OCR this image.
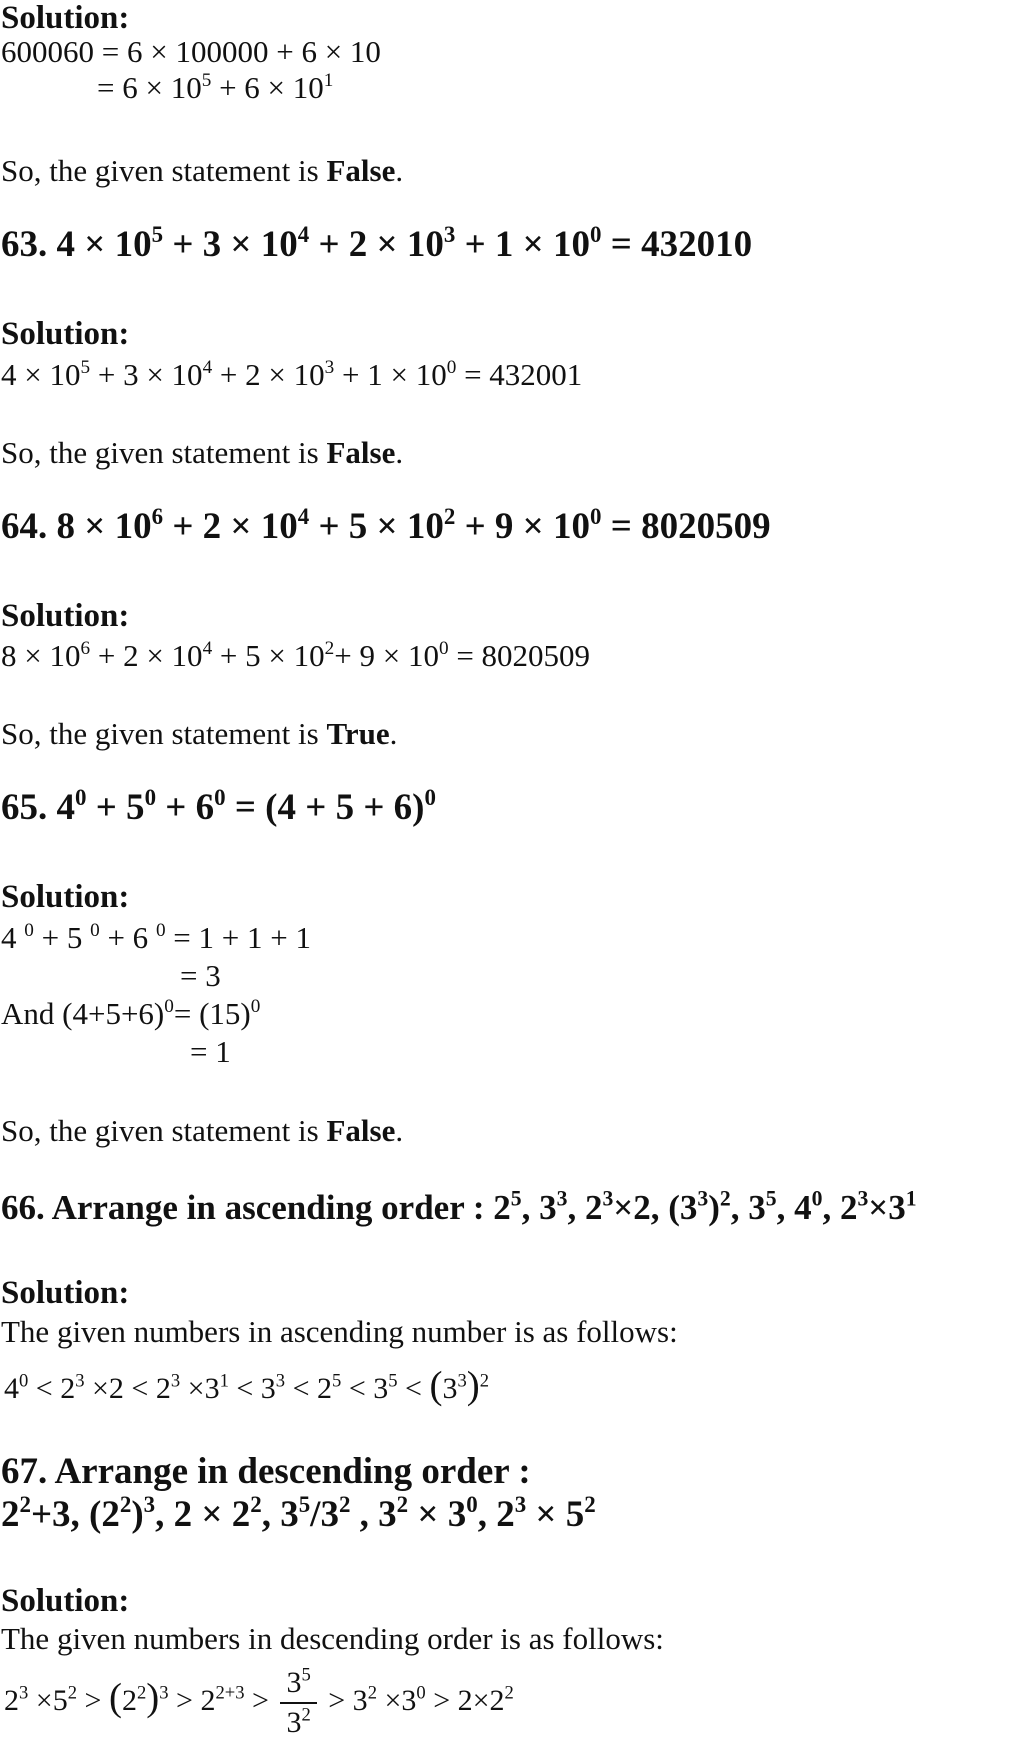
Solution:
600060 = 6 × 100000 + 6 × 10
= $6 \times 10^5 + 6 \times 10^1$
So, the given statement is False.
63. $4 \times 10^5 + 3 \times 10^4 + 2 \times 10^3 + 1 \times 10^0 = 432010$
Solution:
$4 \times 10^5 + 3 \times 10^4 + 2 \times 10^3 + 1 \times 10^0 = 432001$
So, the given statement is False.
64. $8 \times 10^6 + 2 \times 10^4 + 5 \times 10^2 + 9 \times 10^0 = 8020509$
Solution:
$8 \times 10^6 + 2 \times 10^4 + 5 \times 10^2+ 9 \times 10^0 = 8020509$
So, the given statement is True.
65. $4^0 + 5^0 + 6^0 = (4 + 5 + 6)^0$
Solution:
4 $^0$ + 5 $^0$ + 6 $^0$ = 1 + 1 + 1
= 3
And $(4+5+6)^0= (15)^0$
= 1
So, the given statement is False.
66. Arrange in ascending order : $2^5$, $3^3$, $2^3\times 2$, $(3^3)^2$, $3^5$, $4^0$, $2^3\times 3^1$
Solution:
The given numbers in ascending number is as follows:
$4^0 < 2^3 \times 2 < 2^3 \times 3^1 < 3^3 < 2^5 < 3^5 < (3^3)^2$
67. Arrange in descending order :
$2^2+3$, $(2^2)^3$, $2 \times 2^2$, $3^5/3^2$ , $3^2 \times 3^0$, $2^3 \times 5^2$
Solution:
The given numbers in descending order is as follows:
$2^3 \times 5^2 > (2^2)^3 > 2^{2+3} > \frac{3^5}{3^2} > 3^2 \times 3^0 > 2\times 2^2$
